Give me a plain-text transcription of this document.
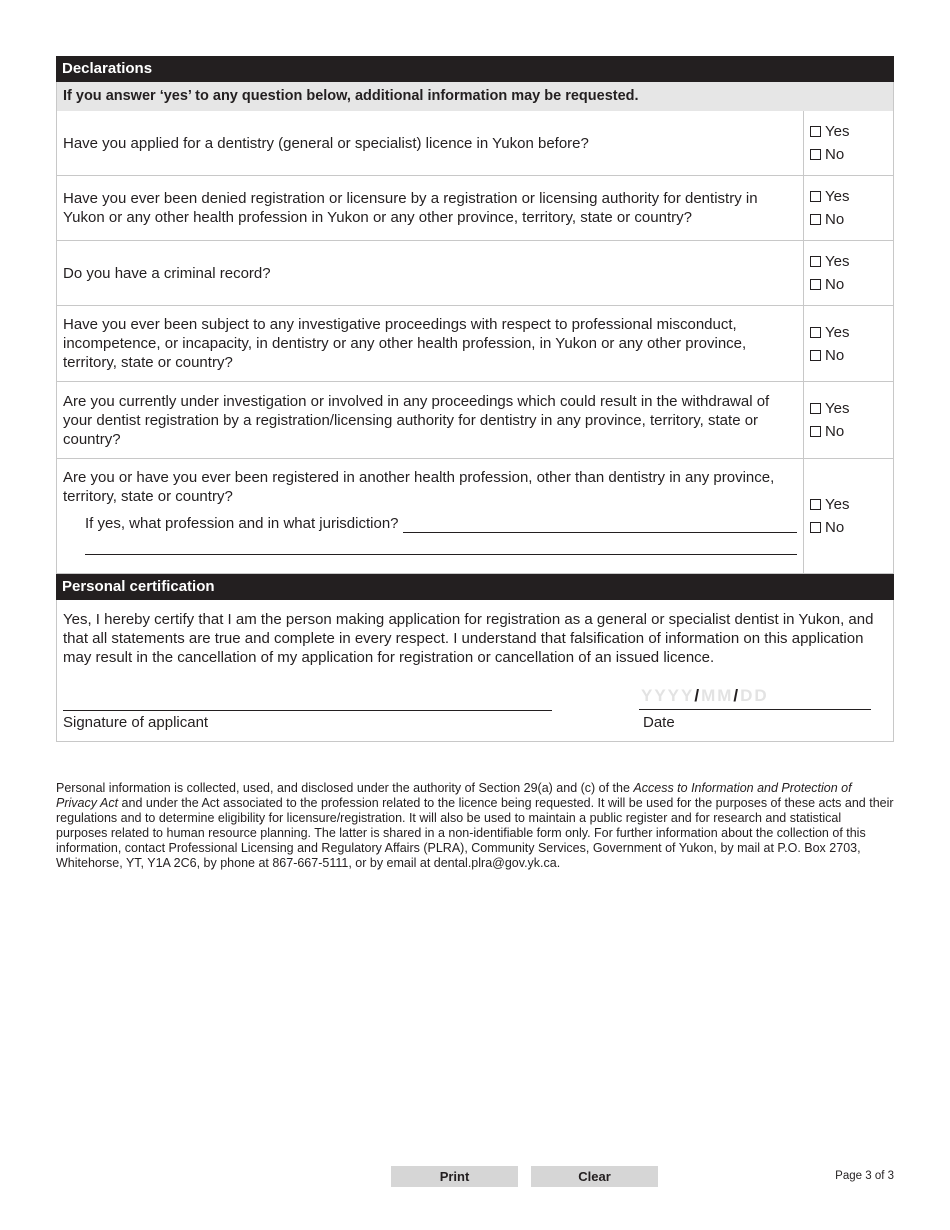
Declarations
If you answer ‘yes’ to any question below, additional information may be requested.
Have you applied for a dentistry (general or specialist) licence in Yukon before?
Yes
No
Have you ever been denied registration or licensure by a registration or licensing authority for dentistry in Yukon or any other health profession in Yukon or any other province, territory, state or country?
Yes
No
Do you have a criminal record?
Yes
No
Have you ever been subject to any investigative proceedings with respect to professional misconduct, incompetence, or incapacity, in dentistry or any other health profession, in Yukon or any other province, territory, state or country?
Yes
No
Are you currently under investigation or involved in any proceedings which could result in the withdrawal of your dentist registration by a registration/licensing authority for dentistry in any province, territory, state or country?
Yes
No
Are you or have you ever been registered in another health profession, other than dentistry in any province, territory, state or country?
If yes, what profession and in what jurisdiction?
Yes
No
Personal certification
Yes, I hereby certify that I am the person making application for registration as a general or specialist dentist in Yukon, and that all statements are true and complete in every respect. I understand that falsification of information on this application may result in the cancellation of my application for registration or cancellation of an issued licence.
Signature of applicant
YYYY/MM/DD
Date
Personal information is collected, used, and disclosed under the authority of Section 29(a) and (c) of the Access to Information and Protection of Privacy Act and under the Act associated to the profession related to the licence being requested. It will be used for the purposes of these acts and their regulations and to determine eligibility for licensure/registration. It will also be used to maintain a public register and for research and statistical purposes related to human resource planning. The latter is shared in a non-identifiable form only. For further information about the collection of this information, contact Professional Licensing and Regulatory Affairs (PLRA), Community Services, Government of Yukon, by mail at P.O. Box 2703, Whitehorse, YT, Y1A 2C6, by phone at 867-667-5111, or by email at dental.plra@gov.yk.ca.
Print	Clear	Page 3 of 3
